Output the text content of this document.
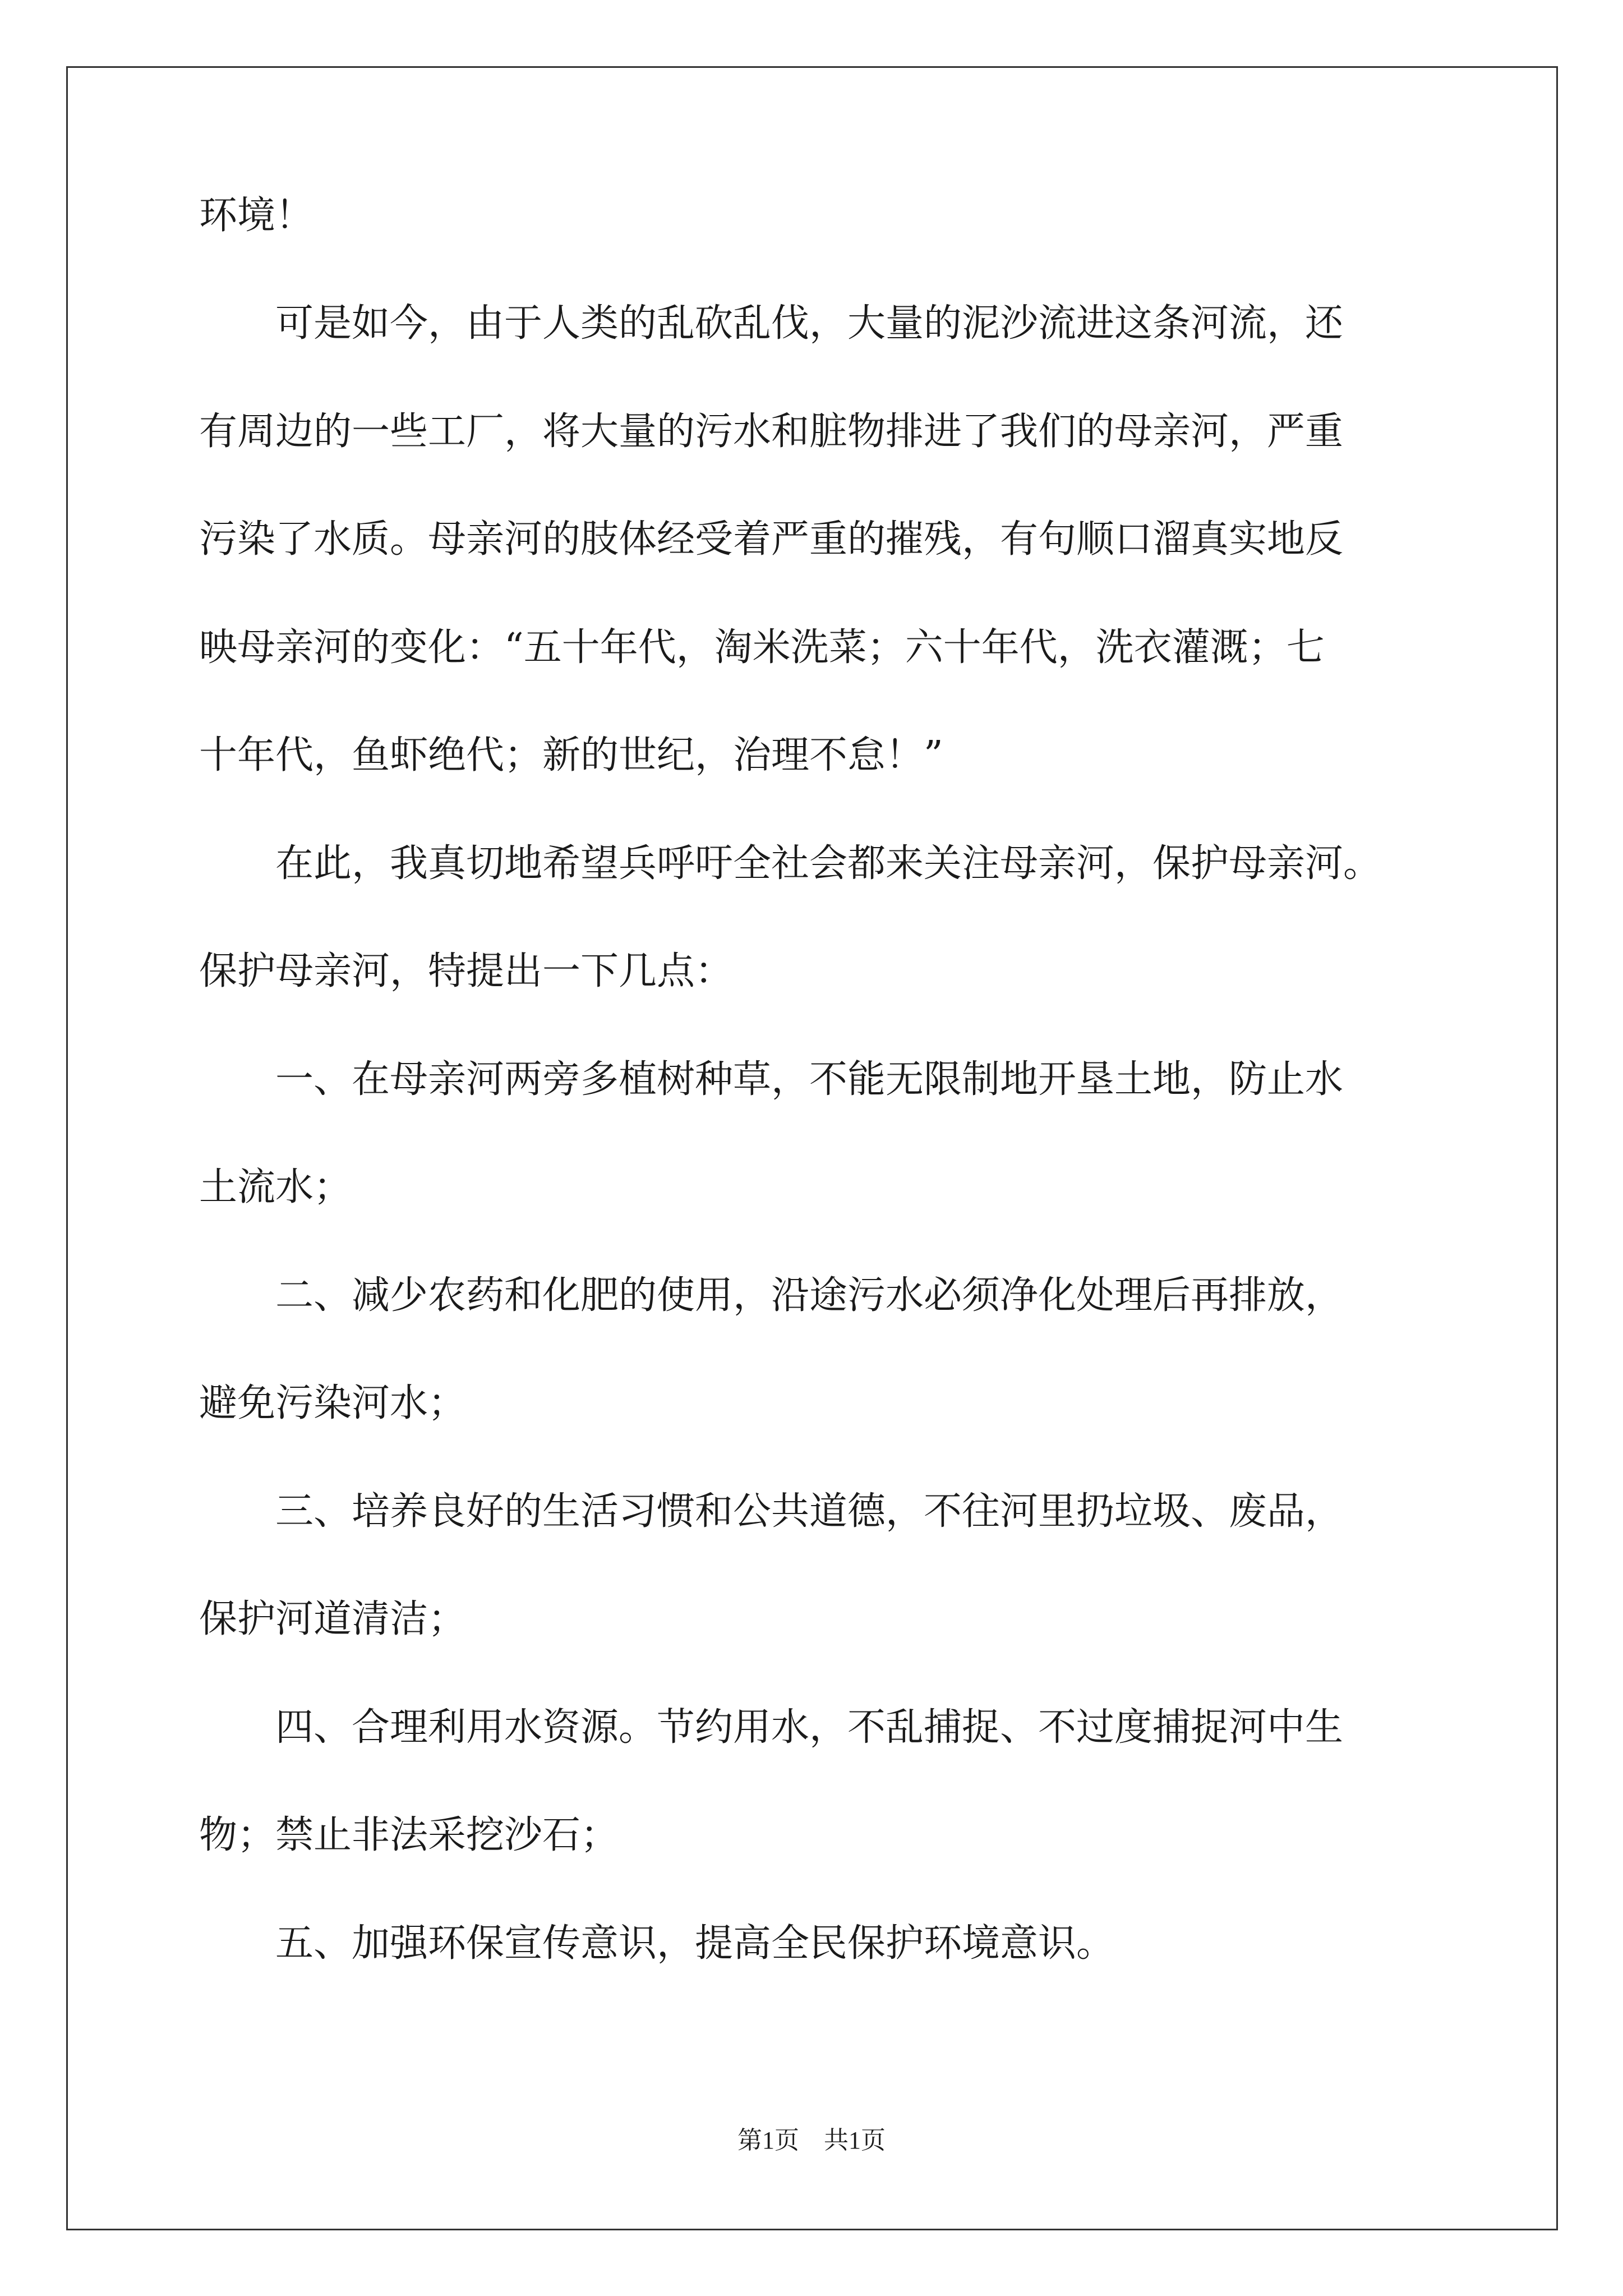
环境！
　　可是如今，由于人类的乱砍乱伐，大量的泥沙流进这条河流，还
有周边的一些工厂，将大量的污水和脏物排进了我们的母亲河，严重
污染了水质。母亲河的肢体经受着严重的摧残，有句顺口溜真实地反
映母亲河的变化：“五十年代，淘米洗菜；六十年代，洗衣灌溉；七
十年代，鱼虾绝代；新的世纪，治理不怠！”
　　在此，我真切地希望兵呼吁全社会都来关注母亲河，保护母亲河。
保护母亲河，特提出一下几点：
　　一、在母亲河两旁多植树种草，不能无限制地开垦土地，防止水
土流水；
　　二、减少农药和化肥的使用，沿途污水必须净化处理后再排放，
避免污染河水；
　　三、培养良好的生活习惯和公共道德，不往河里扔垃圾、废品，
保护河道清洁；
　　四、合理利用水资源。节约用水，不乱捕捉、不过度捕捉河中生
物；禁止非法采挖沙石；
　　五、加强环保宣传意识，提高全民保护环境意识。
第1页　共1页
